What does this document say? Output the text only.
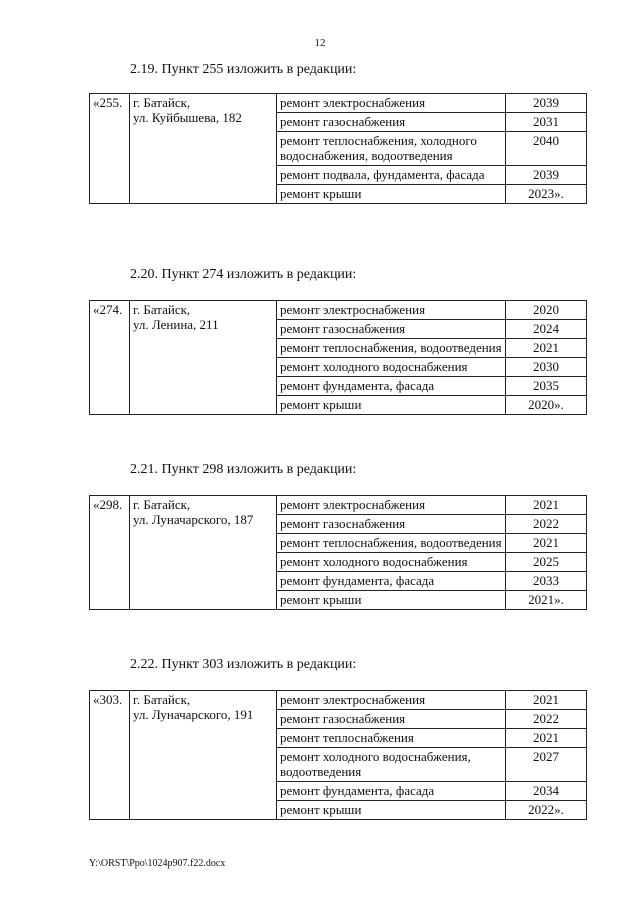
12

2.19. Пункт 255 изложить в редакции:

«255.	г. Батайск,
ул. Куйбышева, 182	ремонт электроснабжения	2039
		ремонт газоснабжения	2031
		ремонт теплоснабжения, холодного водоснабжения, водоотведения	2040
		ремонт подвала, фундамента, фасада	2039
		ремонт крыши	2023».

2.20. Пункт 274 изложить в редакции:

«274.	г. Батайск,
ул. Ленина, 211	ремонт электроснабжения	2020
		ремонт газоснабжения	2024
		ремонт теплоснабжения, водоотведения	2021
		ремонт холодного водоснабжения	2030
		ремонт фундамента, фасада	2035
		ремонт крыши	2020».

2.21. Пункт 298 изложить в редакции:

«298.	г. Батайск,
ул. Луначарского, 187	ремонт электроснабжения	2021
		ремонт газоснабжения	2022
		ремонт теплоснабжения, водоотведения	2021
		ремонт холодного водоснабжения	2025
		ремонт фундамента, фасада	2033
		ремонт крыши	2021».

2.22. Пункт 303 изложить в редакции:

«303.	г. Батайск,
ул. Луначарского, 191	ремонт электроснабжения	2021
		ремонт газоснабжения	2022
		ремонт теплоснабжения	2021
		ремонт холодного водоснабжения, водоотведения	2027
		ремонт фундамента, фасада	2034
		ремонт крыши	2022».
Y:\ORST\Ppo\1024p907.f22.docx
